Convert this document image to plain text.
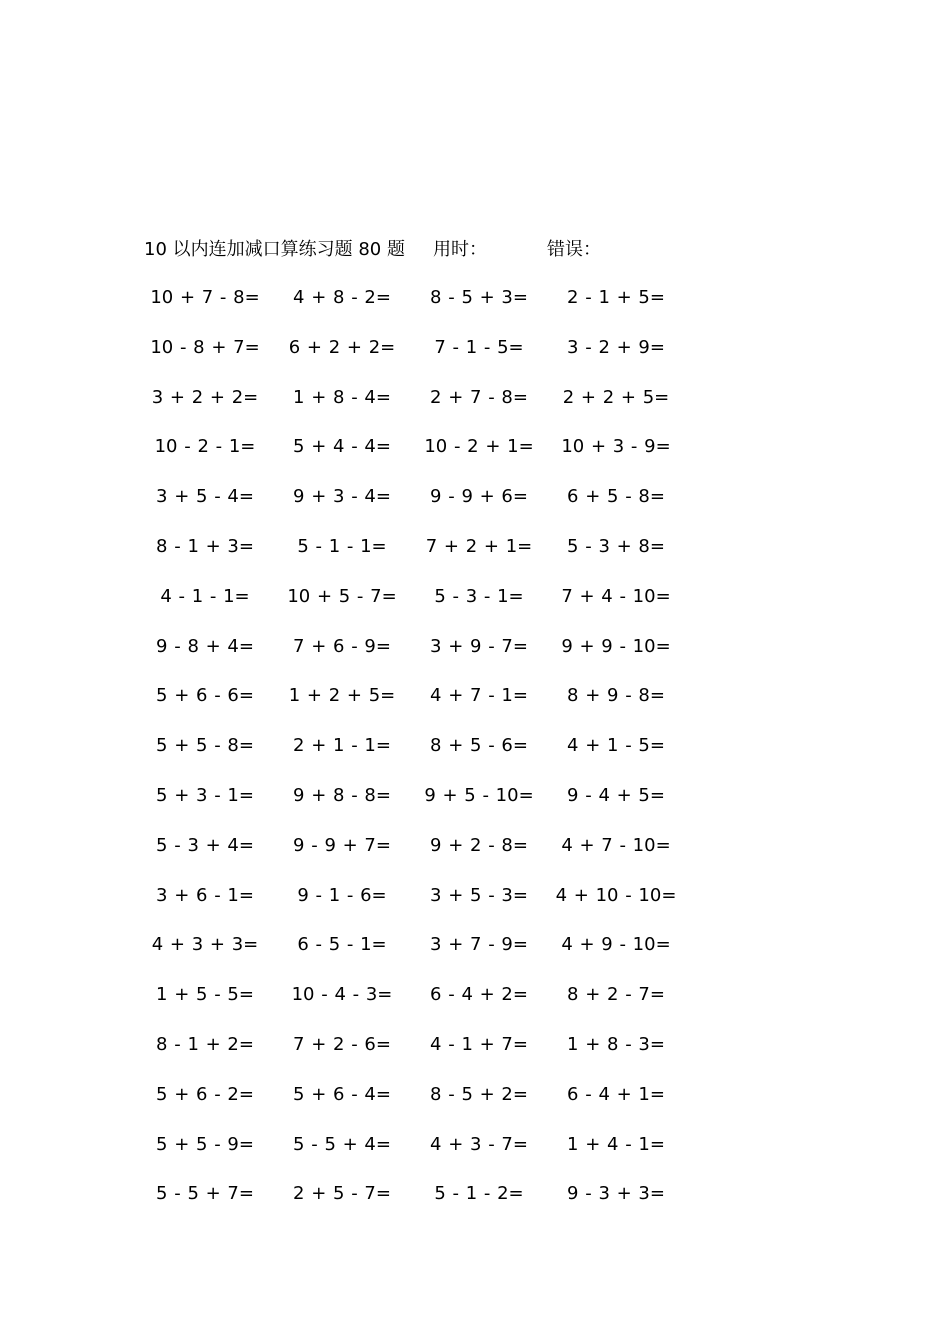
10 以内连加减口算练习题 80 题 用时：	错误：
10 + 7 - 8=	4 + 8 - 2=	8 - 5 + 3=	2 - 1 + 5=
10 - 8 + 7=	6 + 2 + 2=	7 - 1 - 5=	3 - 2 + 9=
3 + 2 + 2=	1 + 8 - 4=	2 + 7 - 8=	2 + 2 + 5=
10 - 2 - 1=	5 + 4 - 4=	10 - 2 + 1=	10 + 3 - 9=
3 + 5 - 4=	9 + 3 - 4=	9 - 9 + 6=	6 + 5 - 8=
8 - 1 + 3=	5 - 1 - 1=	7 + 2 + 1=	5 - 3 + 8=
4 - 1 - 1=	10 + 5 - 7=	5 - 3 - 1=	7 + 4 - 10=
9 - 8 + 4=	7 + 6 - 9=	3 + 9 - 7=	9 + 9 - 10=
5 + 6 - 6=	1 + 2 + 5=	4 + 7 - 1=	8 + 9 - 8=
5 + 5 - 8=	2 + 1 - 1=	8 + 5 - 6=	4 + 1 - 5=
5 + 3 - 1=	9 + 8 - 8=	9 + 5 - 10=	9 - 4 + 5=
5 - 3 + 4=	9 - 9 + 7=	9 + 2 - 8=	4 + 7 - 10=
3 + 6 - 1=	9 - 1 - 6=	3 + 5 - 3=	4 + 10 - 10=
4 + 3 + 3=	6 - 5 - 1=	3 + 7 - 9=	4 + 9 - 10=
1 + 5 - 5=	10 - 4 - 3=	6 - 4 + 2=	8 + 2 - 7=
8 - 1 + 2=	7 + 2 - 6=	4 - 1 + 7=	1 + 8 - 3=
5 + 6 - 2=	5 + 6 - 4=	8 - 5 + 2=	6 - 4 + 1=
5 + 5 - 9=	5 - 5 + 4=	4 + 3 - 7=	1 + 4 - 1=
5 - 5 + 7=	2 + 5 - 7=	5 - 1 - 2=	9 - 3 + 3=
